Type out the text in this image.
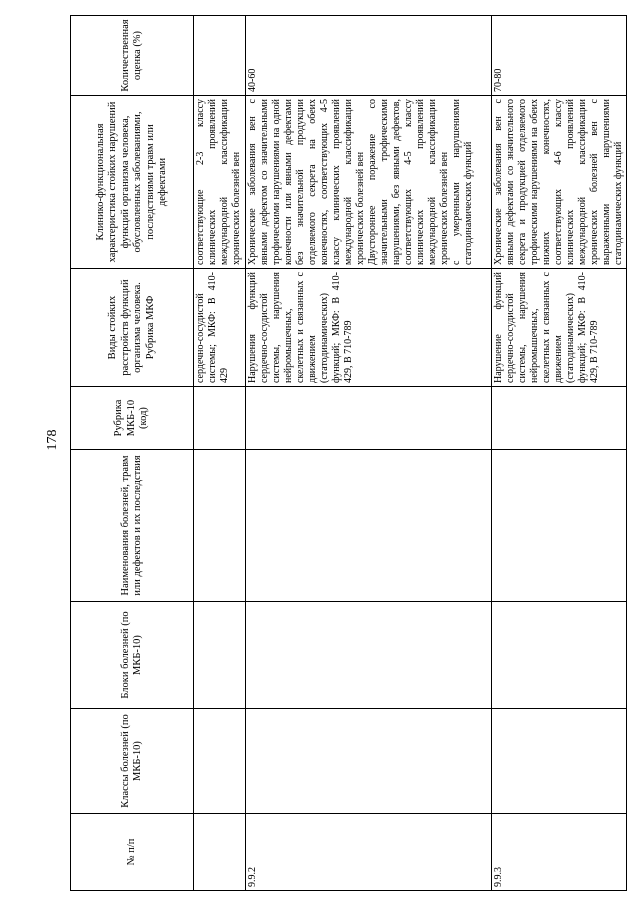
178
№ п/п	Классы болезней (по МКБ-10)	Блоки болезней (по МКБ-10)	Наименования болезней, травм или дефектов и их последствия	Рубрика МКБ-10 (код)	Виды стойких расстройств функций организма человека. Рубрика МКФ	Клинико-функциональная характеристика стойких нарушений функций организма человека, обусловленных заболеваниями, последствиями травм или дефектами	Количественная оценка (%)
					сердечно-сосудистой системы; МКФ: B 410-429	соответствующие 2-3 классу клинических проявлений международной классификации хронических болезней вен	

9.9.2					Нарушения функций сердечно-сосудистой системы, нарушения нейромышечных, скелетных и связанных с движением (статодинамических) функций; МКФ: B 410-429, B 710-789	Хронические заболевания вен с явными дефектом со значительными трофическими нарушениями на одной конечности или явными дефектами без значительной продукции отделяемого секрета на обеих конечностях, соответствующих 4-5 классу клинических проявлений международной классификации хронических болезней вен Двустороннее поражение со значительными трофическими нарушениями, без явными дефектов, соответствующих 4-5 классу клинических проявлений международной классификации хронических болезней вен с умеренными нарушениями статодинамических функций	40-60
9.9.3					Нарушение функций сердечно-сосудистой системы, нарушения нейромышечных, скелетных и связанных с движением (статодинамических) функций; МКФ: B 410-429, B 710-789	Хронические заболевания вен с явными дефектами со значительного секрета и продукцией отделяемого трофическими нарушениями на обеих нижних конечностях, соответствующих 4-6 классу клинических проявлений международной классификации хронических болезней вен с выраженными нарушениями статодинамических функций	70-80
